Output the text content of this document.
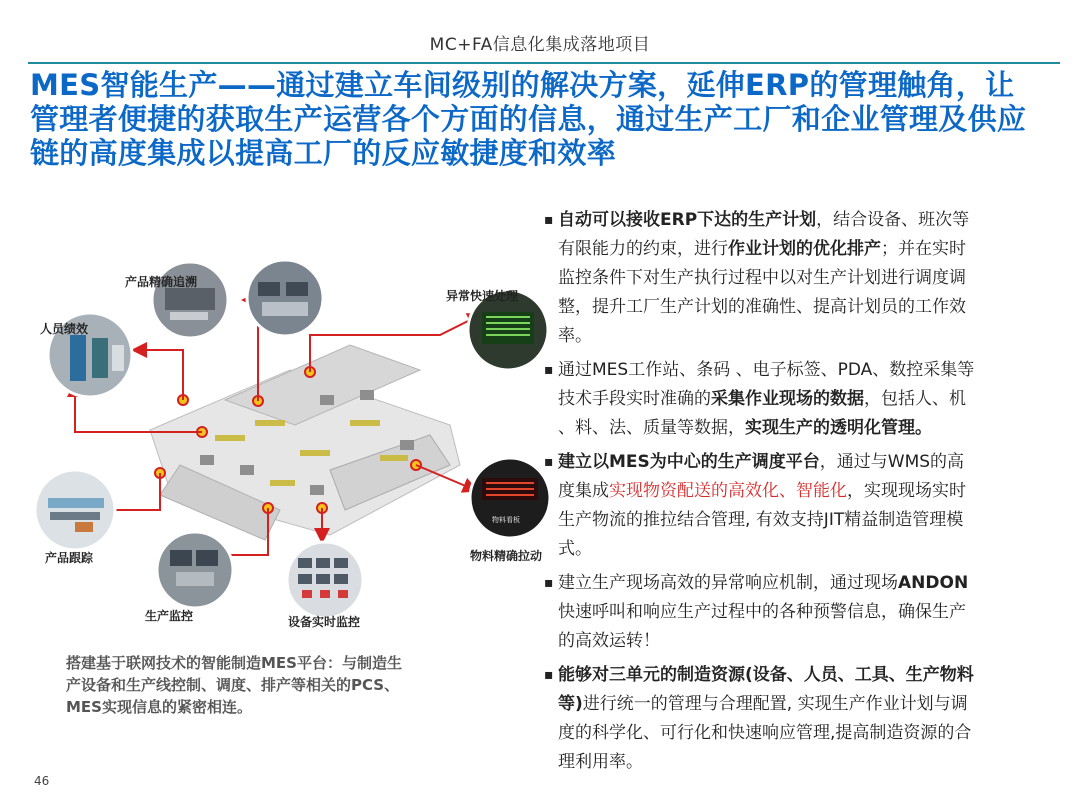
MC+FA信息化集成落地项目
MES智能生产——通过建立车间级别的解决方案，延伸ERP的管理触角，让
管理者便捷的获取生产运营各个方面的信息，通过生产工厂和企业管理及供应
链的高度集成以提高工厂的反应敏捷度和效率
物料看板
产品精确追溯
人员绩效
异常快速处理
产品跟踪	物料精确拉动
生产监控	设备实时监控
搭建基于联网技术的智能制造MES平台：与制造生
产设备和生产线控制、调度、排产等相关的PCS、
MES实现信息的紧密相连。
▪ 自动可以接收ERP下达的生产计划，结合设备、班次等
有限能力的约束，进行作业计划的优化排产；并在实时
监控条件下对生产执行过程中以对生产计划进行调度调
整，提升工厂生产计划的准确性、提高计划员的工作效
率。
▪ 通过MES工作站、条码 、电子标签、PDA、数控采集等
技术手段实时准确的采集作业现场的数据，包括人、机
、料、法、质量等数据，实现生产的透明化管理。
▪ 建立以MES为中心的生产调度平台，通过与WMS的高
度集成实现物资配送的高效化、智能化，实现现场实时
生产物流的推拉结合管理, 有效支持JIT精益制造管理模
式。
▪ 建立生产现场高效的异常响应机制，通过现场ANDON
快速呼叫和响应生产过程中的各种预警信息，确保生产
的高效运转！
▪ 能够对三单元的制造资源(设备、人员、工具、生产物料
等)进行统一的管理与合理配置, 实现生产作业计划与调
度的科学化、可行化和快速响应管理,提高制造资源的合
理利用率。
46
